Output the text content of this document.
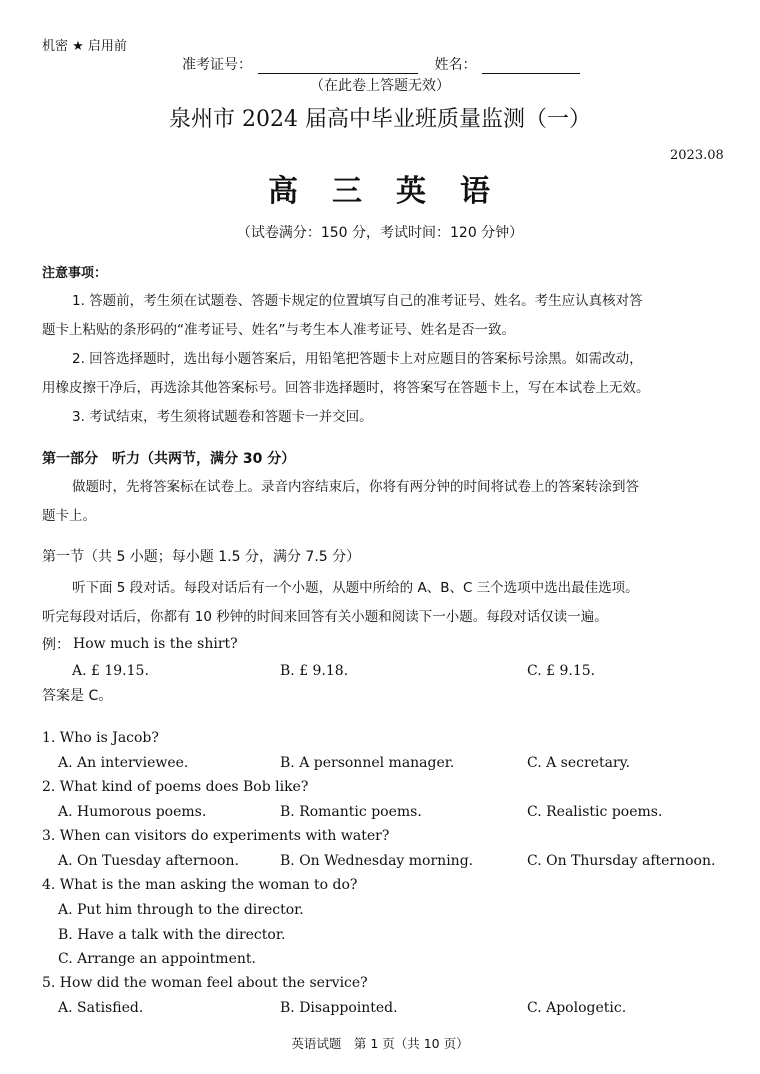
机密 ★ 启用前
准考证号：	姓名：
（在此卷上答题无效）
泉州市 2024 届高中毕业班质量监测（一）
2023.08
高　三　英　语
（试卷满分：150 分，考试时间：120 分钟）
注意事项：
1. 答题前，考生须在试题卷、答题卡规定的位置填写自己的准考证号、姓名。考生应认真核对答
题卡上粘贴的条形码的“准考证号、姓名”与考生本人准考证号、姓名是否一致。
2. 回答选择题时，选出每小题答案后，用铅笔把答题卡上对应题目的答案标号涂黑。如需改动，
用橡皮擦干净后，再选涂其他答案标号。回答非选择题时，将答案写在答题卡上，写在本试卷上无效。
3. 考试结束，考生须将试题卷和答题卡一并交回。
第一部分　听力（共两节，满分 30 分）
做题时，先将答案标在试卷上。录音内容结束后，你将有两分钟的时间将试卷上的答案转涂到答
题卡上。
第一节（共 5 小题；每小题 1.5 分，满分 7.5 分）
听下面 5 段对话。每段对话后有一个小题，从题中所给的 A、B、C 三个选项中选出最佳选项。
听完每段对话后，你都有 10 秒钟的时间来回答有关小题和阅读下一小题。每段对话仅读一遍。
例： How much is the shirt?
A. £ 19.15.	B. £ 9.18.	C. £ 9.15.
答案是 C。
1. Who is Jacob?
A. An interviewee.	B. A personnel manager.	C. A secretary.
2. What kind of poems does Bob like?
A. Humorous poems.	B. Romantic poems.	C. Realistic poems.
3. When can visitors do experiments with water?
A. On Tuesday afternoon.	B. On Wednesday morning.	C. On Thursday afternoon.
4. What is the man asking the woman to do?
A. Put him through to the director.
B. Have a talk with the director.
C. Arrange an appointment.
5. How did the woman feel about the service?
A. Satisfied.	B. Disappointed.	C. Apologetic.
英语试题　第 1 页（共 10 页）
